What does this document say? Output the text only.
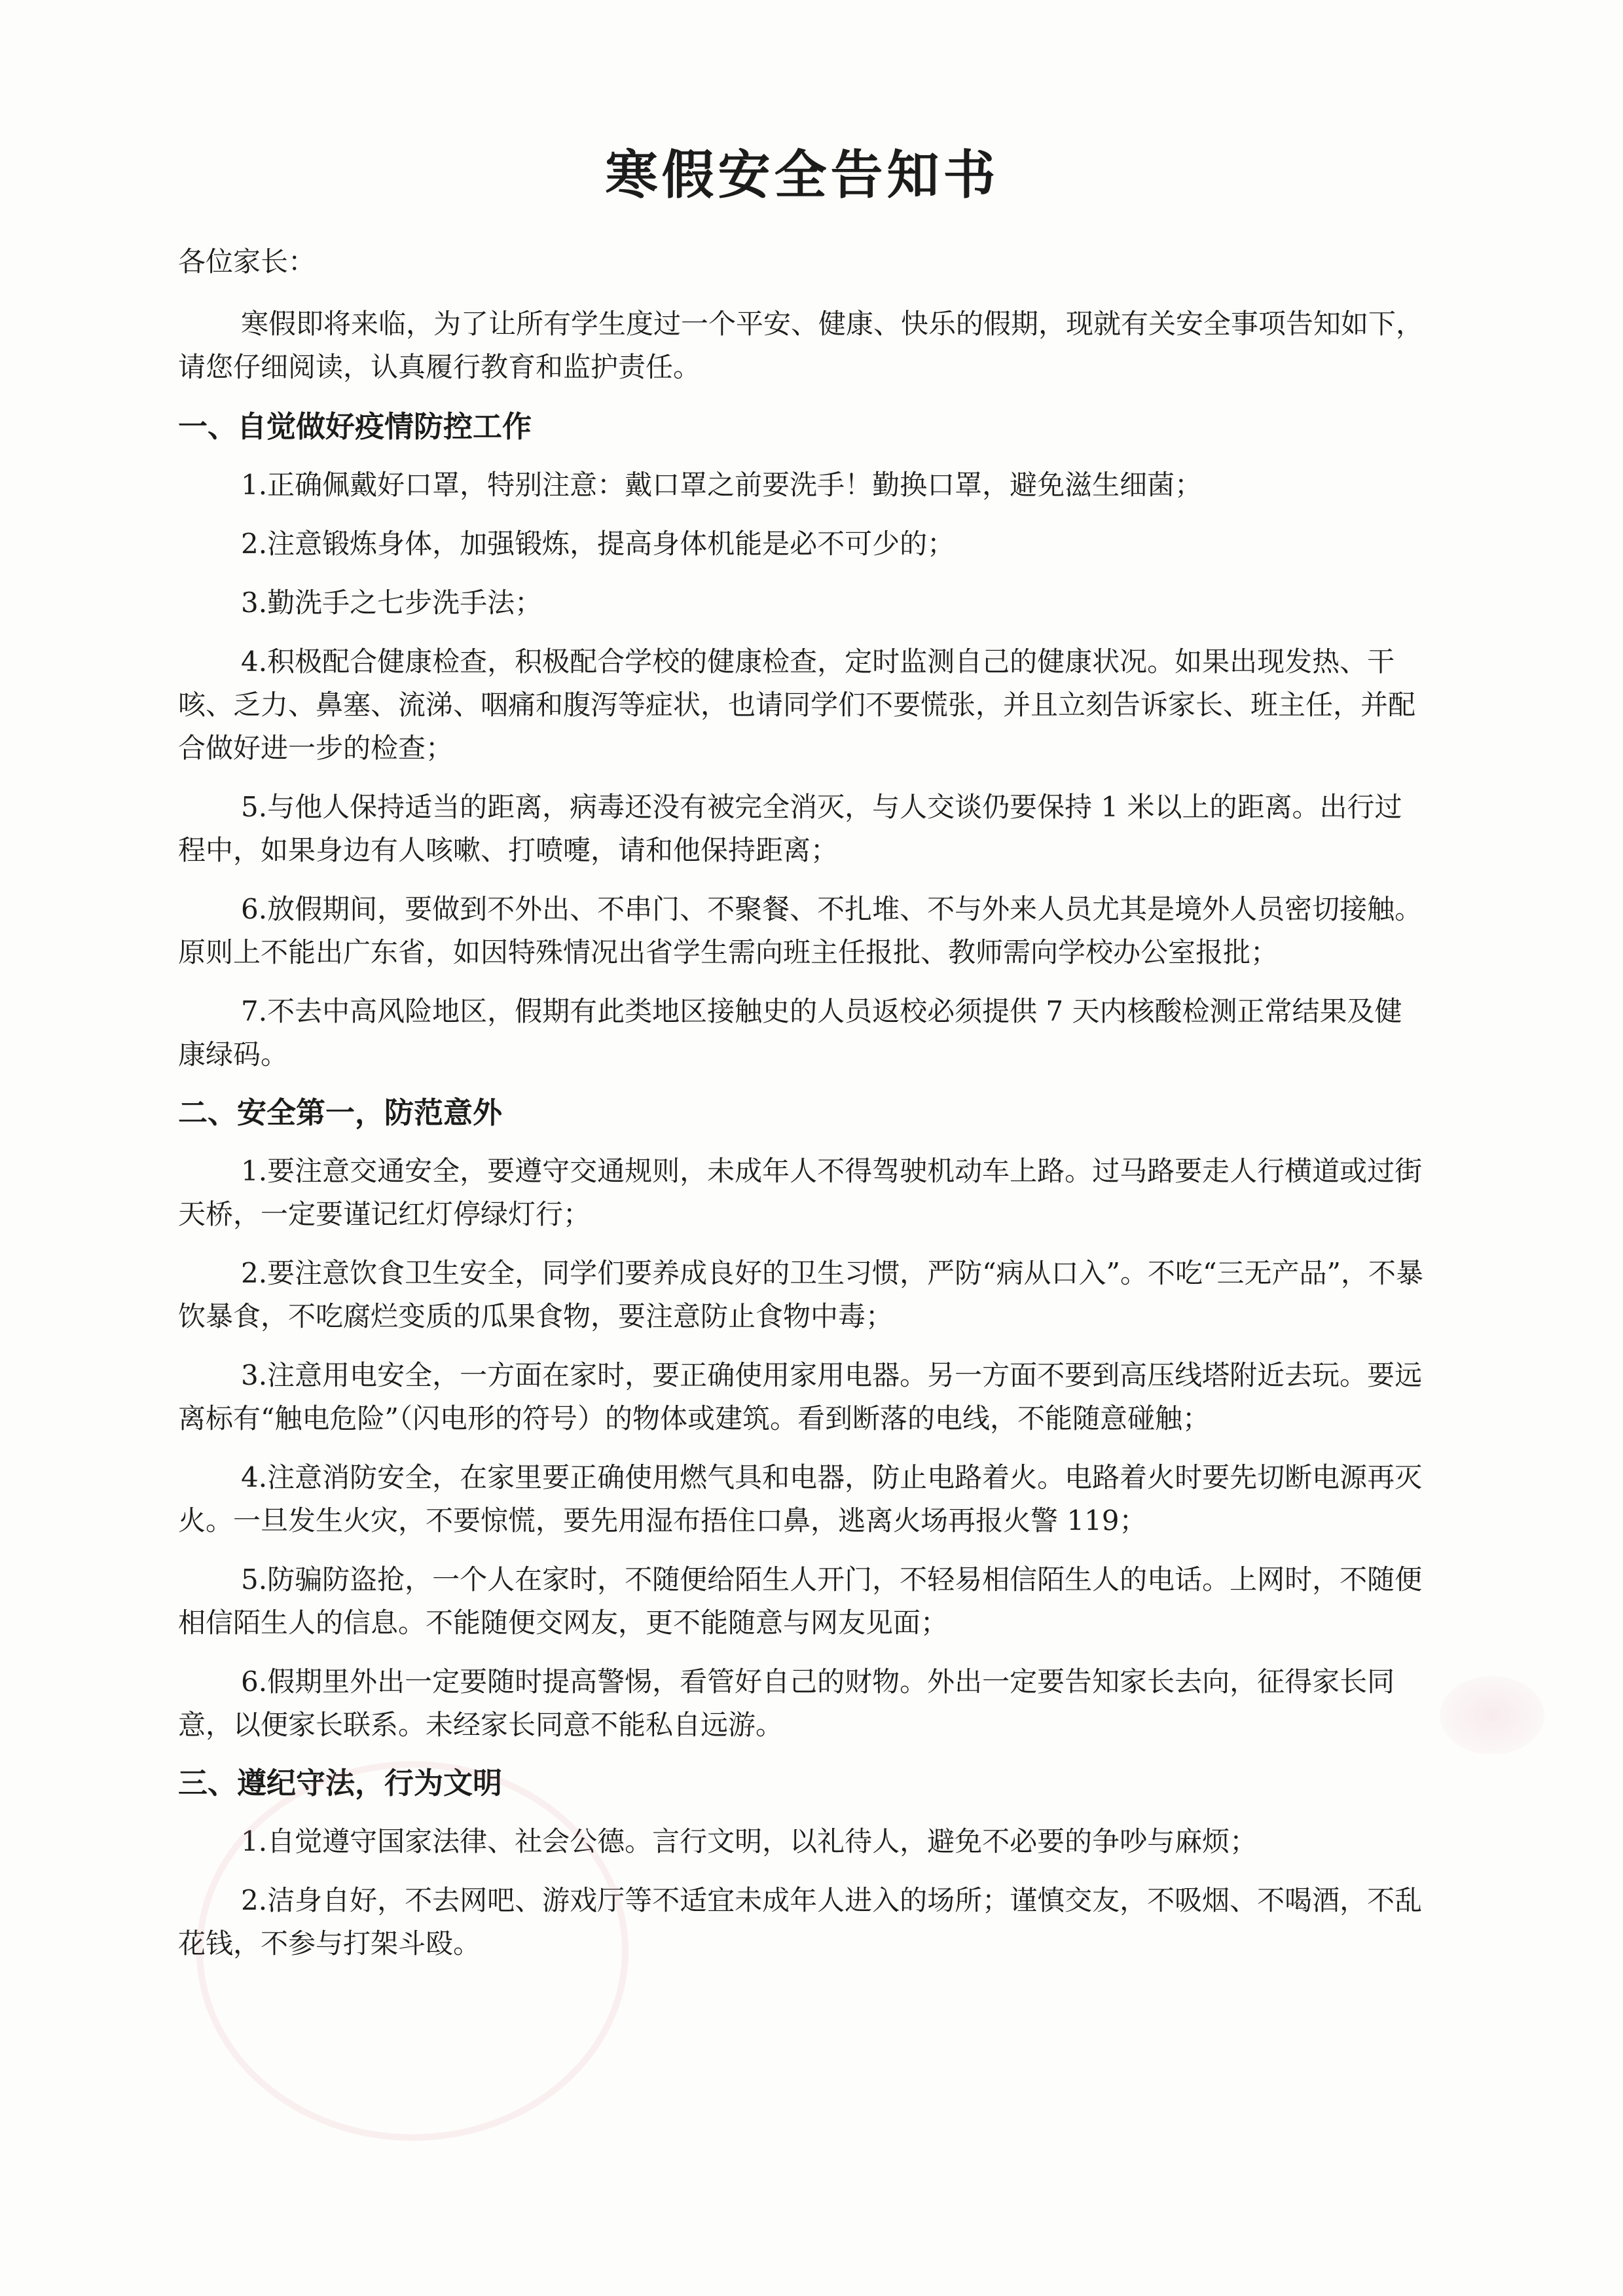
寒假安全告知书

各位家长：

寒假即将来临，为了让所有学生度过一个平安、健康、快乐的假期，现就有关安全事项告知如下，请您仔细阅读，认真履行教育和监护责任。

一、自觉做好疫情防控工作

1.正确佩戴好口罩，特别注意：戴口罩之前要洗手！勤换口罩，避免滋生细菌；

2.注意锻炼身体，加强锻炼，提高身体机能是必不可少的；

3.勤洗手之七步洗手法；

4.积极配合健康检查，积极配合学校的健康检查，定时监测自己的健康状况。如果出现发热、干咳、乏力、鼻塞、流涕、咽痛和腹泻等症状，也请同学们不要慌张，并且立刻告诉家长、班主任，并配合做好进一步的检查；

5.与他人保持适当的距离，病毒还没有被完全消灭，与人交谈仍要保持 1 米以上的距离。出行过程中，如果身边有人咳嗽、打喷嚏，请和他保持距离；

6.放假期间，要做到不外出、不串门、不聚餐、不扎堆、不与外来人员尤其是境外人员密切接触。原则上不能出广东省，如因特殊情况出省学生需向班主任报批、教师需向学校办公室报批；

7.不去中高风险地区，假期有此类地区接触史的人员返校必须提供 7 天内核酸检测正常结果及健康绿码。

二、安全第一，防范意外

1.要注意交通安全，要遵守交通规则，未成年人不得驾驶机动车上路。过马路要走人行横道或过街天桥，一定要谨记红灯停绿灯行；

2.要注意饮食卫生安全，同学们要养成良好的卫生习惯，严防“病从口入”。不吃“三无产品”，不暴饮暴食，不吃腐烂变质的瓜果食物，要注意防止食物中毒；

3.注意用电安全，一方面在家时，要正确使用家用电器。另一方面不要到高压线塔附近去玩。要远离标有“触电危险”（闪电形的符号）的物体或建筑。看到断落的电线，不能随意碰触；

4.注意消防安全，在家里要正确使用燃气具和电器，防止电路着火。电路着火时要先切断电源再灭火。一旦发生火灾，不要惊慌，要先用湿布捂住口鼻，逃离火场再报火警 119；

5.防骗防盗抢，一个人在家时，不随便给陌生人开门，不轻易相信陌生人的电话。上网时，不随便相信陌生人的信息。不能随便交网友，更不能随意与网友见面；

6.假期里外出一定要随时提高警惕，看管好自己的财物。外出一定要告知家长去向，征得家长同意，以便家长联系。未经家长同意不能私自远游。

三、遵纪守法，行为文明

1.自觉遵守国家法律、社会公德。言行文明，以礼待人，避免不必要的争吵与麻烦；

2.洁身自好，不去网吧、游戏厅等不适宜未成年人进入的场所；谨慎交友，不吸烟、不喝酒，不乱花钱，不参与打架斗殴。
